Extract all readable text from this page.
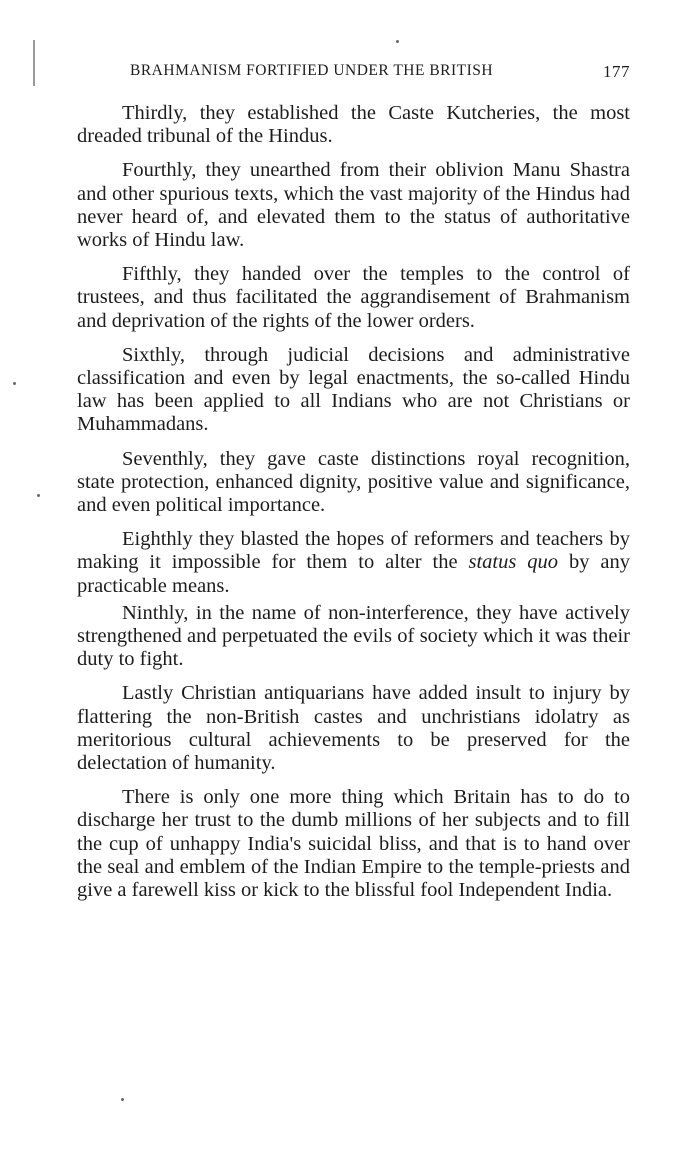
BRAHMANISM FORTIFIED UNDER THE BRITISH	177

Thirdly, they established the Caste Kutcheries, the most dreaded tribunal of the Hindus.

Fourthly, they unearthed from their oblivion Manu Shastra and other spurious texts, which the vast majority of the Hindus had never heard of, and elevated them to the status of authoritative works of Hindu law.

Fifthly, they handed over the temples to the control of trustees, and thus facilitated the aggrandisement of Brahmanism and deprivation of the rights of the lower orders.

Sixthly, through judicial decisions and administrative classification and even by legal enactments, the so-called Hindu law has been applied to all Indians who are not Christians or Muhammadans.

Seventhly, they gave caste distinctions royal recognition, state protection, enhanced dignity, positive value and significance, and even political importance.

Eighthly they blasted the hopes of reformers and teachers by making it impossible for them to alter the status quo by any practicable means.

Ninthly, in the name of non-interference, they have actively strengthened and perpetuated the evils of society which it was their duty to fight.

Lastly Christian antiquarians have added insult to injury by flattering the non-British castes and unchristians idolatry as meritorious cultural achievements to be preserved for the delectation of humanity.

There is only one more thing which Britain has to do to discharge her trust to the dumb millions of her subjects and to fill the cup of unhappy India's suicidal bliss, and that is to hand over the seal and emblem of the Indian Empire to the temple-priests and give a farewell kiss or kick to the blissful fool Independent India.
